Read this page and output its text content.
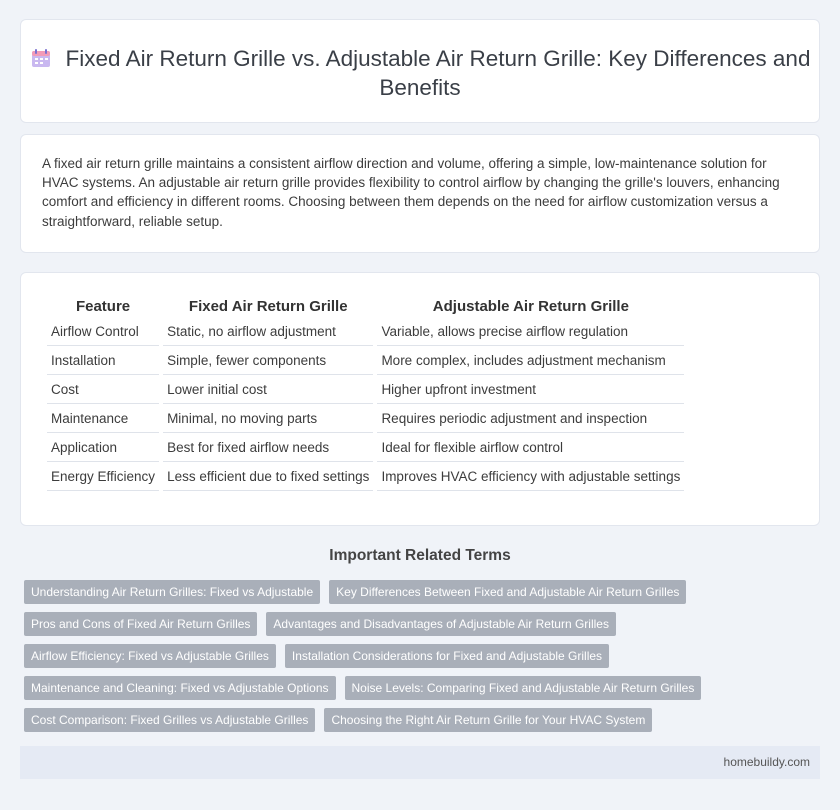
Fixed Air Return Grille vs. Adjustable Air Return Grille: Key Differences and Benefits

A fixed air return grille maintains a consistent airflow direction and volume, offering a simple, low-maintenance solution for HVAC systems. An adjustable air return grille provides flexibility to control airflow by changing the grille's louvers, enhancing comfort and efficiency in different rooms. Choosing between them depends on the need for airflow customization versus a straightforward, reliable setup.

Feature	Fixed Air Return Grille	Adjustable Air Return Grille
Airflow Control	Static, no airflow adjustment	Variable, allows precise airflow regulation
Installation	Simple, fewer components	More complex, includes adjustment mechanism
Cost	Lower initial cost	Higher upfront investment
Maintenance	Minimal, no moving parts	Requires periodic adjustment and inspection
Application	Best for fixed airflow needs	Ideal for flexible airflow control
Energy Efficiency	Less efficient due to fixed settings	Improves HVAC efficiency with adjustable settings
Important Related Terms
Understanding Air Return Grilles: Fixed vs Adjustable	Key Differences Between Fixed and Adjustable Air Return Grilles
Pros and Cons of Fixed Air Return Grilles	Advantages and Disadvantages of Adjustable Air Return Grilles
Airflow Efficiency: Fixed vs Adjustable Grilles	Installation Considerations for Fixed and Adjustable Grilles
Maintenance and Cleaning: Fixed vs Adjustable Options	Noise Levels: Comparing Fixed and Adjustable Air Return Grilles
Cost Comparison: Fixed Grilles vs Adjustable Grilles	Choosing the Right Air Return Grille for Your HVAC System
homebuildy.com
